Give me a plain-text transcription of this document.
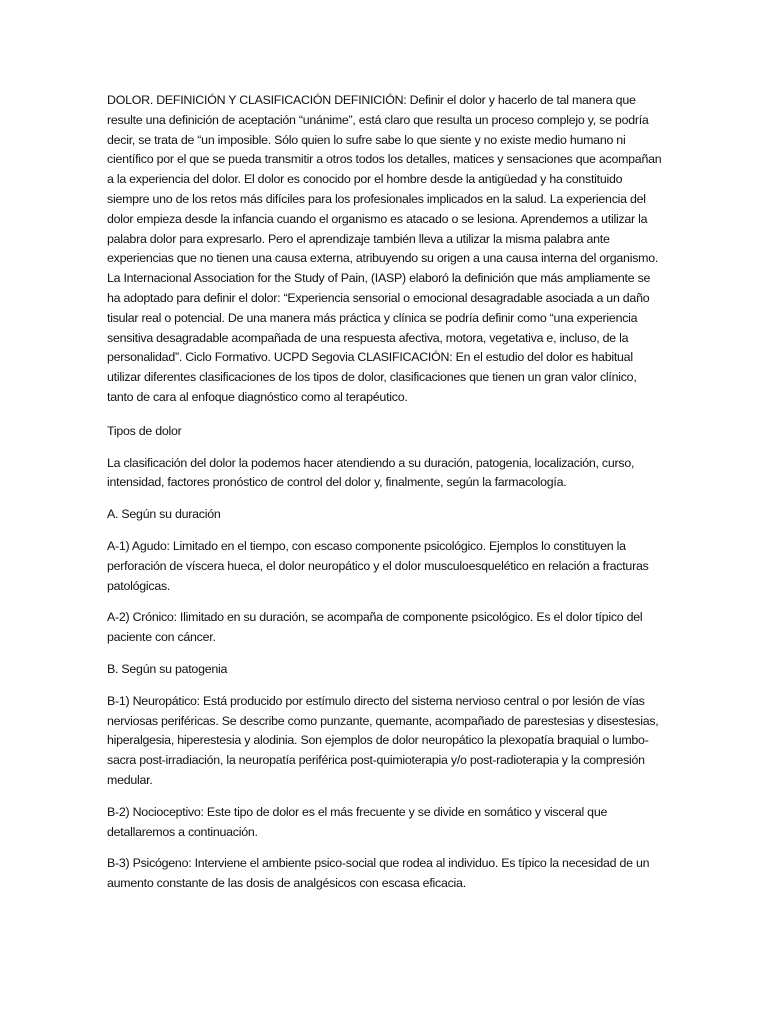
DOLOR. DEFINICIÓN Y CLASIFICACIÓN DEFINICIÓN: Definir el dolor y hacerlo de tal manera que resulte una definición de aceptación “unánime”, está claro que resulta un proceso complejo y, se podría decir, se trata de “un imposible. Sólo quien lo sufre sabe lo que siente y no existe medio humano ni científico por el que se pueda transmitir a otros todos los detalles, matices y sensaciones que acompañan a la experiencia del dolor. El dolor es conocido por el hombre desde la antigüedad y ha constituido siempre uno de los retos más difíciles para los profesionales implicados en la salud. La experiencia del dolor empieza desde la infancia cuando el organismo es atacado o se lesiona. Aprendemos a utilizar la palabra dolor para expresarlo. Pero el aprendizaje también lleva a utilizar la misma palabra ante experiencias que no tienen una causa externa, atribuyendo su origen a una causa interna del organismo. La Internacional Association for the Study of Pain, (IASP) elaboró la definición que más ampliamente se ha adoptado para definir el dolor: “Experiencia sensorial o emocional desagradable asociada a un daño tisular real o potencial. De una manera más práctica y clínica se podría definir como “una experiencia sensitiva desagradable acompañada de una respuesta afectiva, motora, vegetativa e, incluso, de la personalidad”. Ciclo Formativo. UCPD Segovia CLASIFICACIÓN: En el estudio del dolor es habitual utilizar diferentes clasificaciones de los tipos de dolor, clasificaciones que tienen un gran valor clínico, tanto de cara al enfoque diagnóstico como al terapéutico.

Tipos de dolor

La clasificación del dolor la podemos hacer atendiendo a su duración, patogenia, localización, curso, intensidad, factores pronóstico de control del dolor y, finalmente, según la farmacología.

A. Según su duración

A-1) Agudo: Limitado en el tiempo, con escaso componente psicológico. Ejemplos lo constituyen la perforación de víscera hueca, el dolor neuropático y el dolor musculoesquelético en relación a fracturas patológicas.

A-2) Crónico: Ilimitado en su duración, se acompaña de componente psicológico. Es el dolor típico del paciente con cáncer.

B. Según su patogenia

B-1) Neuropático: Está producido por estímulo directo del sistema nervioso central o por lesión de vías nerviosas periféricas. Se describe como punzante, quemante, acompañado de parestesias y disestesias, hiperalgesia, hiperestesia y alodinia. Son ejemplos de dolor neuropático la plexopatía braquial o lumbo-sacra post-irradiación, la neuropatía periférica post-quimioterapia y/o post-radioterapia y la compresión medular.

B-2) Nocioceptivo: Este tipo de dolor es el más frecuente y se divide en somático y visceral que detallaremos a continuación.

B-3) Psicógeno: Interviene el ambiente psico-social que rodea al individuo. Es típico la necesidad de un aumento constante de las dosis de analgésicos con escasa eficacia.
